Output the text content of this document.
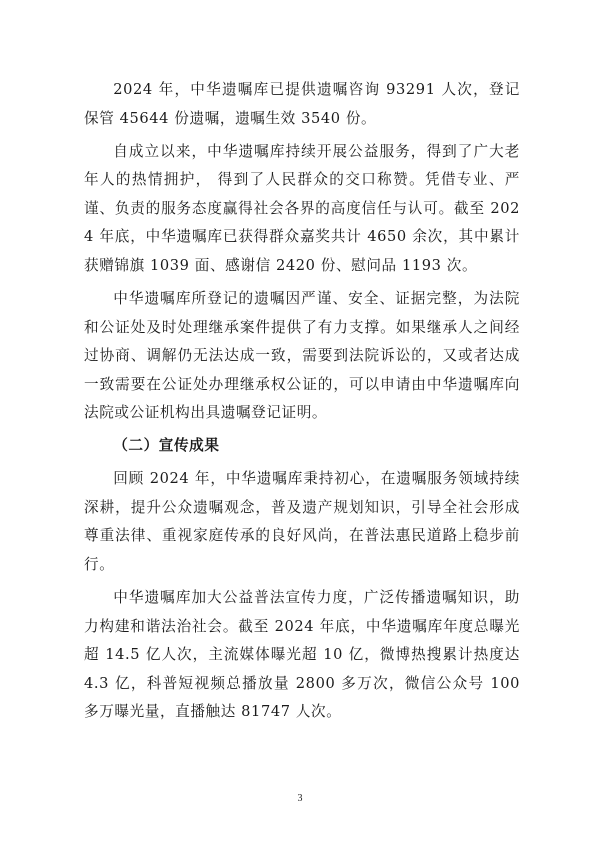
2024 年，中华遗嘱库已提供遗嘱咨询 93291 人次，登记保管 45644 份遗嘱，遗嘱生效 3540 份。

自成立以来，中华遗嘱库持续开展公益服务，得到了广大老年人的热情拥护， 得到了人民群众的交口称赞。凭借专业、严谨、负责的服务态度赢得社会各界的高度信任与认可。截至 2024 年底，中华遗嘱库已获得群众嘉奖共计 4650 余次，其中累计获赠锦旗 1039 面、感谢信 2420 份、慰问品 1193 次。

中华遗嘱库所登记的遗嘱因严谨、安全、证据完整，为法院和公证处及时处理继承案件提供了有力支撑。如果继承人之间经过协商、调解仍无法达成一致，需要到法院诉讼的，又或者达成一致需要在公证处办理继承权公证的，可以申请由中华遗嘱库向法院或公证机构出具遗嘱登记证明。

（二）宣传成果

回顾 2024 年，中华遗嘱库秉持初心，在遗嘱服务领域持续深耕，提升公众遗嘱观念，普及遗产规划知识，引导全社会形成尊重法律、重视家庭传承的良好风尚，在普法惠民道路上稳步前行。

中华遗嘱库加大公益普法宣传力度，广泛传播遗嘱知识，助力构建和谐法治社会。截至 2024 年底，中华遗嘱库年度总曝光超 14.5 亿人次，主流媒体曝光超 10 亿，微博热搜累计热度达 4.3 亿，科普短视频总播放量 2800 多万次，微信公众号 100 多万曝光量，直播触达 81747 人次。

3
